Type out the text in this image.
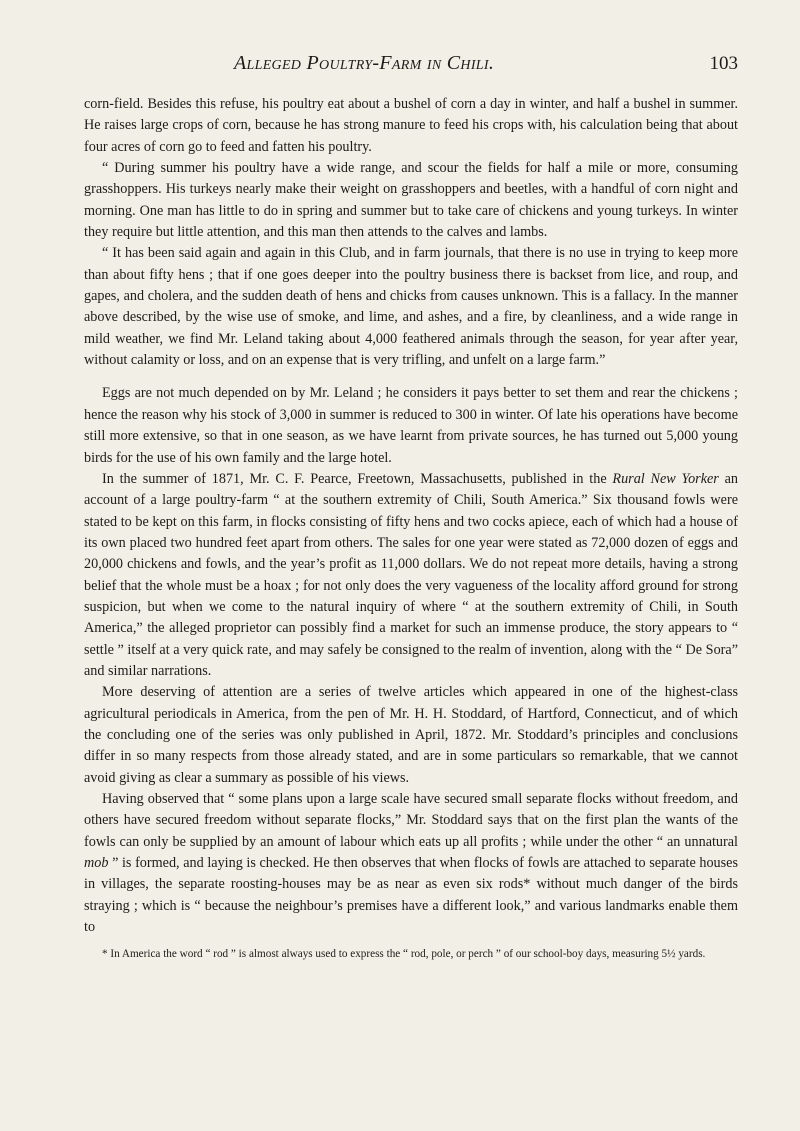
Alleged Poultry-Farm in Chili.	103

corn-field. Besides this refuse, his poultry eat about a bushel of corn a day in winter, and half a bushel in summer. He raises large crops of corn, because he has strong manure to feed his crops with, his calculation being that about four acres of corn go to feed and fatten his poultry.

“ During summer his poultry have a wide range, and scour the fields for half a mile or more, consuming grasshoppers. His turkeys nearly make their weight on grasshoppers and beetles, with a handful of corn night and morning. One man has little to do in spring and summer but to take care of chickens and young turkeys. In winter they require but little attention, and this man then attends to the calves and lambs.

“ It has been said again and again in this Club, and in farm journals, that there is no use in trying to keep more than about fifty hens ; that if one goes deeper into the poultry business there is backset from lice, and roup, and gapes, and cholera, and the sudden death of hens and chicks from causes unknown. This is a fallacy. In the manner above described, by the wise use of smoke, and lime, and ashes, and a fire, by cleanliness, and a wide range in mild weather, we find Mr. Leland taking about 4,000 feathered animals through the season, for year after year, without calamity or loss, and on an expense that is very trifling, and unfelt on a large farm.”

Eggs are not much depended on by Mr. Leland ; he considers it pays better to set them and rear the chickens ; hence the reason why his stock of 3,000 in summer is reduced to 300 in winter. Of late his operations have become still more extensive, so that in one season, as we have learnt from private sources, he has turned out 5,000 young birds for the use of his own family and the large hotel.

In the summer of 1871, Mr. C. F. Pearce, Freetown, Massachusetts, published in the Rural New Yorker an account of a large poultry-farm “ at the southern extremity of Chili, South America.” Six thousand fowls were stated to be kept on this farm, in flocks consisting of fifty hens and two cocks apiece, each of which had a house of its own placed two hundred feet apart from others. The sales for one year were stated as 72,000 dozen of eggs and 20,000 chickens and fowls, and the year’s profit as 11,000 dollars. We do not repeat more details, having a strong belief that the whole must be a hoax ; for not only does the very vagueness of the locality afford ground for strong suspicion, but when we come to the natural inquiry of where “ at the southern extremity of Chili, in South America,” the alleged proprietor can possibly find a market for such an immense produce, the story appears to “ settle ” itself at a very quick rate, and may safely be consigned to the realm of invention, along with the “ De Sora” and similar narrations.

More deserving of attention are a series of twelve articles which appeared in one of the highest-class agricultural periodicals in America, from the pen of Mr. H. H. Stoddard, of Hartford, Connecticut, and of which the concluding one of the series was only published in April, 1872. Mr. Stoddard’s principles and conclusions differ in so many respects from those already stated, and are in some particulars so remarkable, that we cannot avoid giving as clear a summary as possible of his views.

Having observed that “ some plans upon a large scale have secured small separate flocks without freedom, and others have secured freedom without separate flocks,” Mr. Stoddard says that on the first plan the wants of the fowls can only be supplied by an amount of labour which eats up all profits ; while under the other “ an unnatural mob ” is formed, and laying is checked. He then observes that when flocks of fowls are attached to separate houses in villages, the separate roosting-houses may be as near as even six rods* without much danger of the birds straying ; which is “ because the neighbour’s premises have a different look,” and various landmarks enable them to

* In America the word “ rod ” is almost always used to express the “ rod, pole, or perch ” of our school-boy days, measuring 5½ yards.
